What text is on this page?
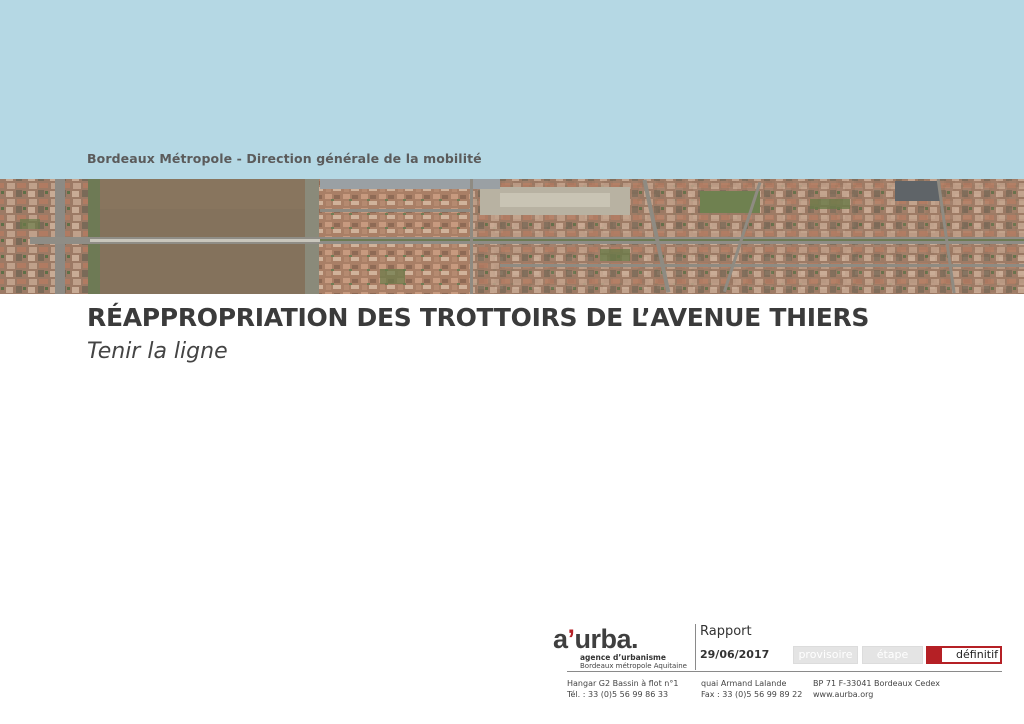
Bordeaux Métropole - Direction générale de la mobilité
RÉAPPROPRIATION DES TROTTOIRS DE L’AVENUE THIERS
Tenir la ligne
a’urba.
agence d’urbanisme
Bordeaux métropole Aquitaine
Rapport
29/06/2017	provisoire	étape	définitif
Hangar G2 Bassin à flot n°1
Tél. : 33 (0)5 56 99 86 33
quai Armand Lalande
Fax : 33 (0)5 56 99 89 22
BP 71 F-33041 Bordeaux Cedex
www.aurba.org
